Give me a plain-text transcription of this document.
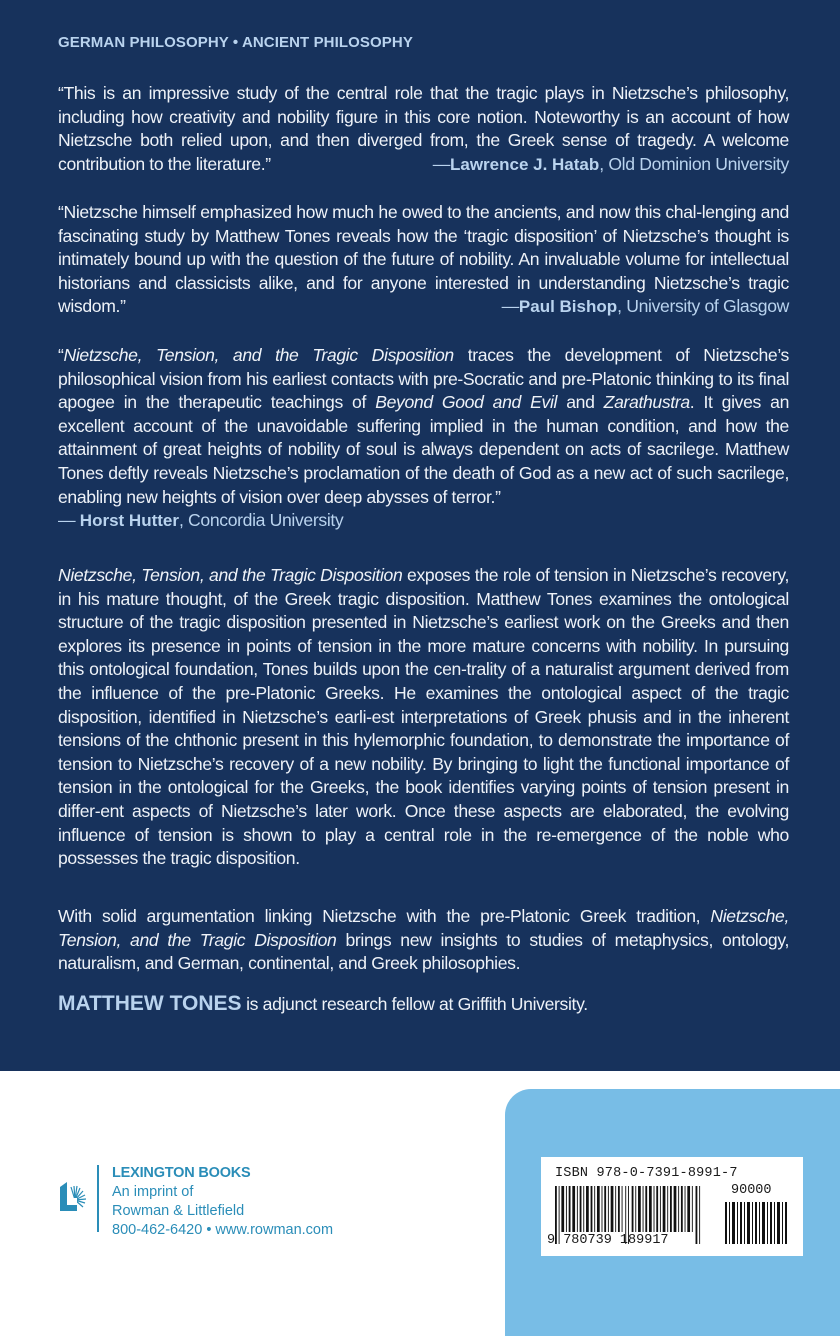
GERMAN PHILOSOPHY • ANCIENT PHILOSOPHY
“This is an impressive study of the central role that the tragic plays in Nietzsche’s philosophy, including how creativity and nobility figure in this core notion. Noteworthy is an account of how Nietzsche both relied upon, and then diverged from, the Greek sense of tragedy. A welcome contribution to the literature.”	—Lawrence J. Hatab, Old Dominion University
“Nietzsche himself emphasized how much he owed to the ancients, and now this chal-lenging and fascinating study by Matthew Tones reveals how the ‘tragic disposition’ of Nietzsche’s thought is intimately bound up with the question of the future of nobility. An invaluable volume for intellectual historians and classicists alike, and for anyone interested in understanding Nietzsche’s tragic wisdom.”	—Paul Bishop, University of Glasgow
“Nietzsche, Tension, and the Tragic Disposition traces the development of Nietzsche’s philosophical vision from his earliest contacts with pre-Socratic and pre-Platonic thinking to its final apogee in the therapeutic teachings of Beyond Good and Evil and Zarathustra. It gives an excellent account of the unavoidable suffering implied in the human condition, and how the attainment of great heights of nobility of soul is always dependent on acts of sacrilege. Matthew Tones deftly reveals Nietzsche’s proclamation of the death of God as a new act of such sacrilege, enabling new heights of vision over deep abysses of terror.”
— Horst Hutter, Concordia University
Nietzsche, Tension, and the Tragic Disposition exposes the role of tension in Nietzsche’s recovery, in his mature thought, of the Greek tragic disposition. Matthew Tones examines the ontological structure of the tragic disposition presented in Nietzsche’s earliest work on the Greeks and then explores its presence in points of tension in the more mature concerns with nobility. In pursuing this ontological foundation, Tones builds upon the cen-trality of a naturalist argument derived from the influence of the pre-Platonic Greeks. He examines the ontological aspect of the tragic disposition, identified in Nietzsche’s earli-est interpretations of Greek phusis and in the inherent tensions of the chthonic present in this hylemorphic foundation, to demonstrate the importance of tension to Nietzsche’s recovery of a new nobility. By bringing to light the functional importance of tension in the ontological for the Greeks, the book identifies varying points of tension present in differ-ent aspects of Nietzsche’s later work. Once these aspects are elaborated, the evolving influence of tension is shown to play a central role in the re-emergence of the noble who possesses the tragic disposition.
With solid argumentation linking Nietzsche with the pre-Platonic Greek tradition, Nietzsche, Tension, and the Tragic Disposition brings new insights to studies of metaphysics, ontology, naturalism, and German, continental, and Greek philosophies.
MATTHEW TONES is adjunct research fellow at Griffith University.
LEXINGTON BOOKS
An imprint of
Rowman & Littlefield
800-462-6420 • www.rowman.com
ISBN 978-0-7391-8991-7
90000
9 780739 189917
